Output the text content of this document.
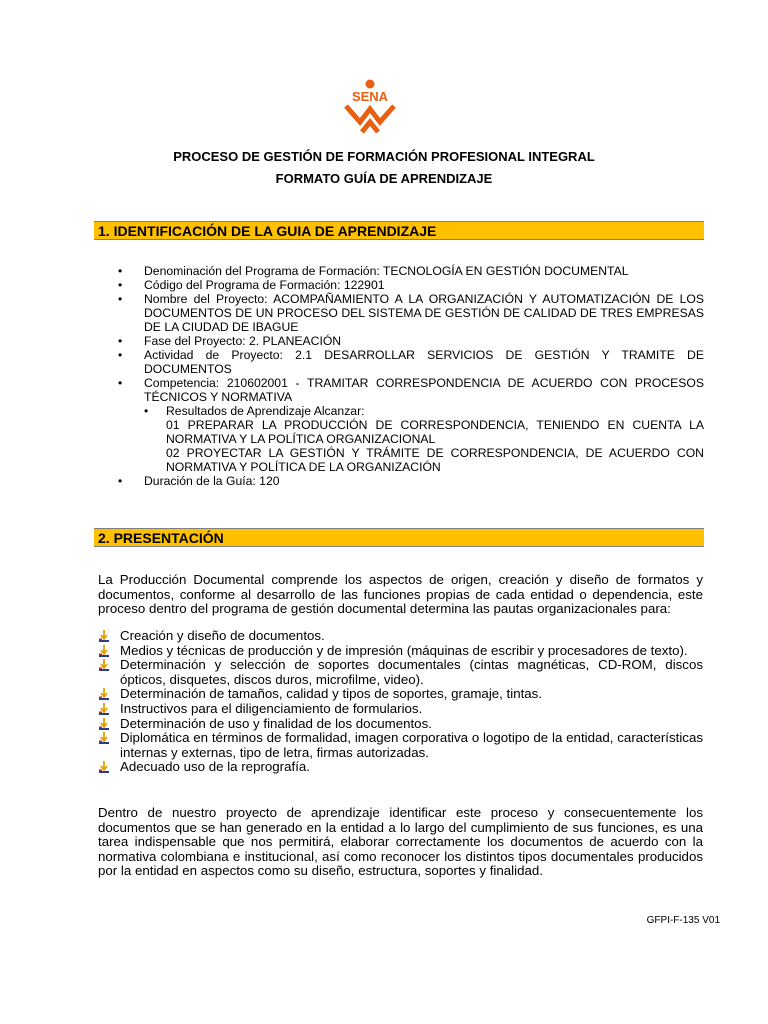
SENA
PROCESO DE GESTIÓN DE FORMACIÓN PROFESIONAL INTEGRAL
FORMATO GUÍA DE APRENDIZAJE
1. IDENTIFICACIÓN DE LA GUIA DE APRENDIZAJE
• Denominación del Programa de Formación: TECNOLOGÍA EN GESTIÓN DOCUMENTAL
• Código del Programa de Formación: 122901
• Nombre del Proyecto: ACOMPAÑAMIENTO A LA ORGANIZACIÓN Y AUTOMATIZACIÓN DE LOS DOCUMENTOS DE UN PROCESO DEL SISTEMA DE GESTIÓN DE CALIDAD DE TRES EMPRESAS DE LA CIUDAD DE IBAGUE
• Fase del Proyecto: 2. PLANEACIÓN
• Actividad de Proyecto: 2.1 DESARROLLAR SERVICIOS DE GESTIÓN Y TRAMITE DE DOCUMENTOS
• Competencia: 210602001 - TRAMITAR CORRESPONDENCIA DE ACUERDO CON PROCESOS TÉCNICOS Y NORMATIVA
• Resultados de Aprendizaje Alcanzar:
01 PREPARAR LA PRODUCCIÓN DE CORRESPONDENCIA, TENIENDO EN CUENTA LA NORMATIVA Y LA POLÍTICA ORGANIZACIONAL
02 PROYECTAR LA GESTIÓN Y TRÁMITE DE CORRESPONDENCIA, DE ACUERDO CON NORMATIVA Y POLÍTICA DE LA ORGANIZACIÓN
• Duración de la Guía: 120
2. PRESENTACIÓN
La Producción Documental comprende los aspectos de origen, creación y diseño de formatos y documentos, conforme al desarrollo de las funciones propias de cada entidad o dependencia, este proceso dentro del programa de gestión documental determina las pautas organizacionales para:
Creación y diseño de documentos.
Medios y técnicas de producción y de impresión (máquinas de escribir y procesadores de texto).
Determinación y selección de soportes documentales (cintas magnéticas, CD-ROM, discos ópticos, disquetes, discos duros, microfilme, video).
Determinación de tamaños, calidad y tipos de soportes, gramaje, tintas.
Instructivos para el diligenciamiento de formularios.
Determinación de uso y finalidad de los documentos.
Diplomática en términos de formalidad, imagen corporativa o logotipo de la entidad, características internas y externas, tipo de letra, firmas autorizadas.
Adecuado uso de la reprografía.
Dentro de nuestro proyecto de aprendizaje identificar este proceso y consecuentemente los documentos que se han generado en la entidad a lo largo del cumplimiento de sus funciones, es una tarea indispensable que nos permitirá, elaborar correctamente los documentos de acuerdo con la normativa colombiana e institucional, así como reconocer los distintos tipos documentales producidos por la entidad en aspectos como su diseño, estructura, soportes y finalidad.
GFPI-F-135 V01
